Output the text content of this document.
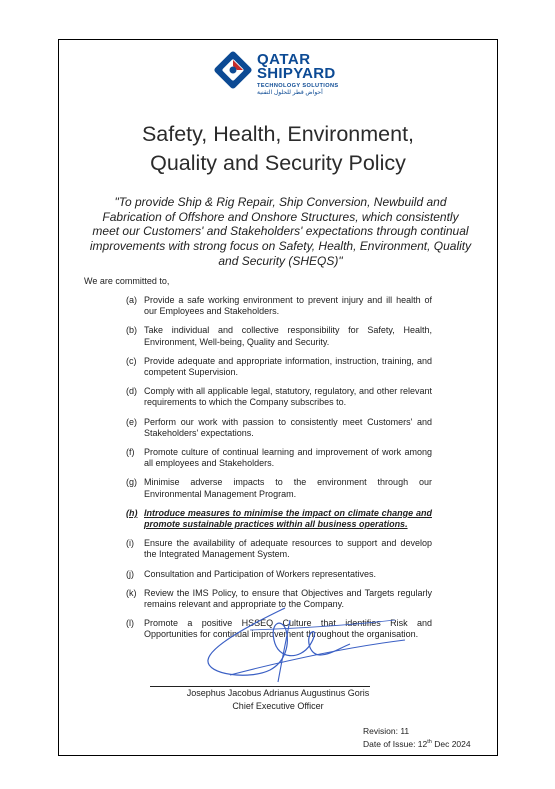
QATAR
SHIPYARD
TECHNOLOGY SOLUTIONS
أحواض قطر للحلول التقنية
Safety, Health, Environment,
Quality and Security Policy
"To provide Ship & Rig Repair, Ship Conversion, Newbuild and Fabrication of Offshore and Onshore Structures, which consistently meet our Customers' and Stakeholders' expectations through continual improvements with strong focus on Safety, Health, Environment, Quality and Security (SHEQS)"
We are committed to,
(a) Provide a safe working environment to prevent injury and ill health of our Employees and Stakeholders.
(b) Take individual and collective responsibility for Safety, Health, Environment, Well-being, Quality and Security.
(c) Provide adequate and appropriate information, instruction, training, and competent Supervision.
(d) Comply with all applicable legal, statutory, regulatory, and other relevant requirements to which the Company subscribes to.
(e) Perform our work with passion to consistently meet Customers' and Stakeholders' expectations.
(f)	Promote culture of continual learning and improvement of work among all employees and Stakeholders.
(g) Minimise adverse impacts to the environment through our Environmental Management Program.
(h) Introduce measures to minimise the impact on climate change and promote sustainable practices within all business operations.
(i)	Ensure the availability of adequate resources to support and develop the Integrated Management System.
(j)	Consultation and Participation of Workers representatives.
(k) Review the IMS Policy, to ensure that Objectives and Targets regularly remains relevant and appropriate to the Company.
(l)	Promote a positive HSSEQ Culture that identifies Risk and Opportunities for continual improvement throughout the organisation.
Josephus Jacobus Adrianus Augustinus Goris
Chief Executive Officer
Revision: 11
Date of Issue: 12th Dec 2024
